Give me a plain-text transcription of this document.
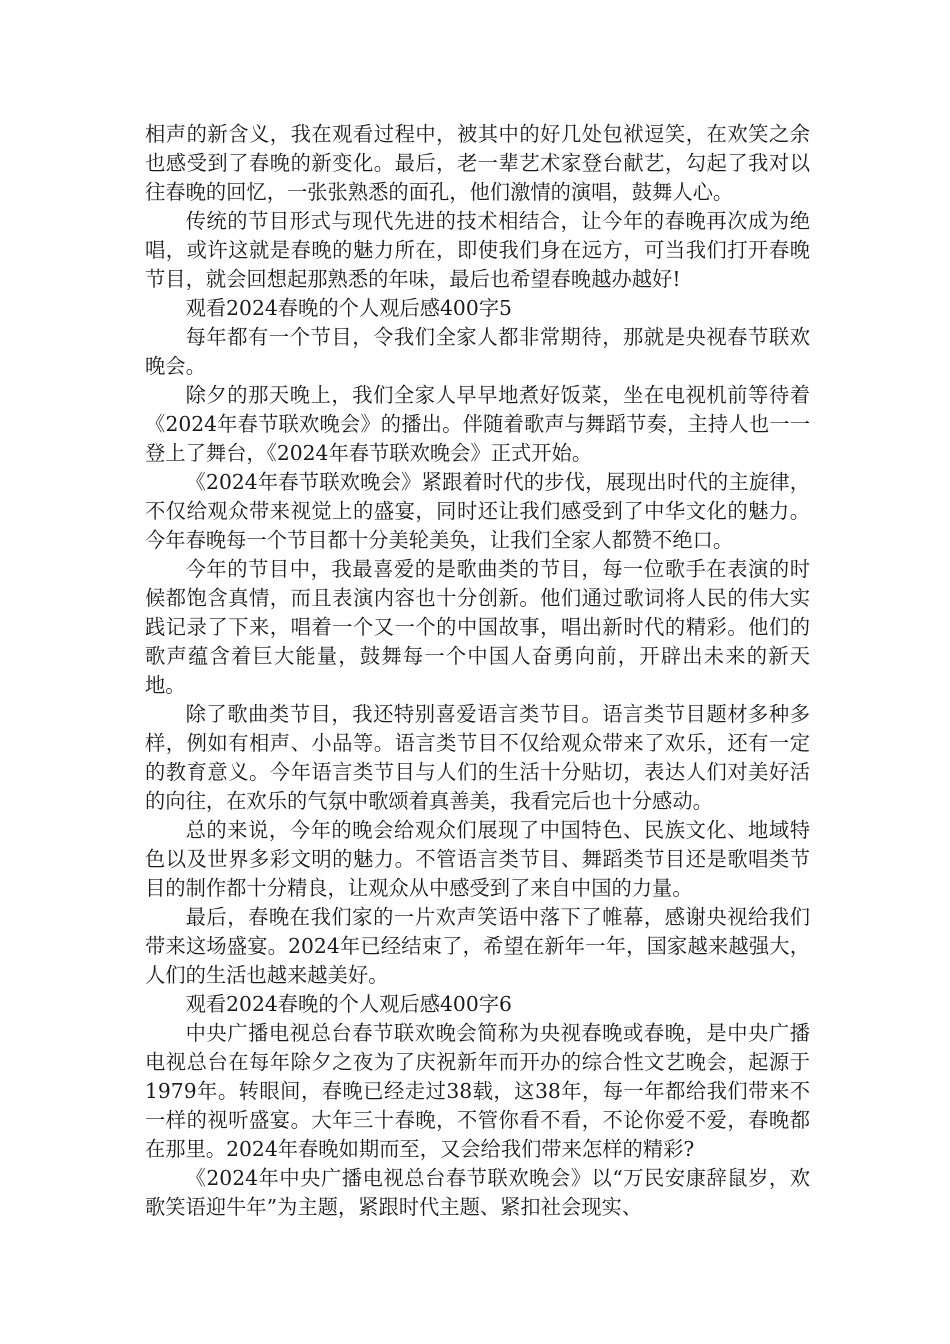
相声的新含义，我在观看过程中，被其中的好几处包袱逗笑，在欢笑之余也感受到了春晚的新变化。最后，老一辈艺术家登台献艺，勾起了我对以往春晚的回忆，一张张熟悉的面孔，他们激情的演唱，鼓舞人心。

传统的节目形式与现代先进的技术相结合，让今年的春晚再次成为绝唱，或许这就是春晚的魅力所在，即使我们身在远方，可当我们打开春晚节目，就会回想起那熟悉的年味，最后也希望春晚越办越好!

观看2024春晚的个人观后感400字5

每年都有一个节目，令我们全家人都非常期待，那就是央视春节联欢晚会。

除夕的那天晚上，我们全家人早早地煮好饭菜，坐在电视机前等待着《2024年春节联欢晚会》的播出。伴随着歌声与舞蹈节奏，主持人也一一登上了舞台，《2024年春节联欢晚会》正式开始。

《2024年春节联欢晚会》紧跟着时代的步伐，展现出时代的主旋律，不仅给观众带来视觉上的盛宴，同时还让我们感受到了中华文化的魅力。今年春晚每一个节目都十分美轮美奂，让我们全家人都赞不绝口。

今年的节目中，我最喜爱的是歌曲类的节目，每一位歌手在表演的时候都饱含真情，而且表演内容也十分创新。他们通过歌词将人民的伟大实践记录了下来，唱着一个又一个的中国故事，唱出新时代的精彩。他们的歌声蕴含着巨大能量，鼓舞每一个中国人奋勇向前，开辟出未来的新天地。

除了歌曲类节目，我还特别喜爱语言类节目。语言类节目题材多种多样，例如有相声、小品等。语言类节目不仅给观众带来了欢乐，还有一定的教育意义。今年语言类节目与人们的生活十分贴切，表达人们对美好活的向往，在欢乐的气氛中歌颂着真善美，我看完后也十分感动。

总的来说，今年的晚会给观众们展现了中国特色、民族文化、地域特色以及世界多彩文明的魅力。不管语言类节目、舞蹈类节目还是歌唱类节目的制作都十分精良，让观众从中感受到了来自中国的力量。

最后，春晚在我们家的一片欢声笑语中落下了帷幕，感谢央视给我们带来这场盛宴。2024年已经结束了，希望在新年一年，国家越来越强大，人们的生活也越来越美好。

观看2024春晚的个人观后感400字6

中央广播电视总台春节联欢晚会简称为央视春晚或春晚，是中央广播电视总台在每年除夕之夜为了庆祝新年而开办的综合性文艺晚会，起源于1979年。转眼间，春晚已经走过38载，这38年，每一年都给我们带来不一样的视听盛宴。大年三十春晚，不管你看不看，不论你爱不爱，春晚都在那里。2024年春晚如期而至，又会给我们带来怎样的精彩?

《2024年中央广播电视总台春节联欢晚会》以“万民安康辞鼠岁，欢歌笑语迎牛年”为主题，紧跟时代主题、紧扣社会现实、
